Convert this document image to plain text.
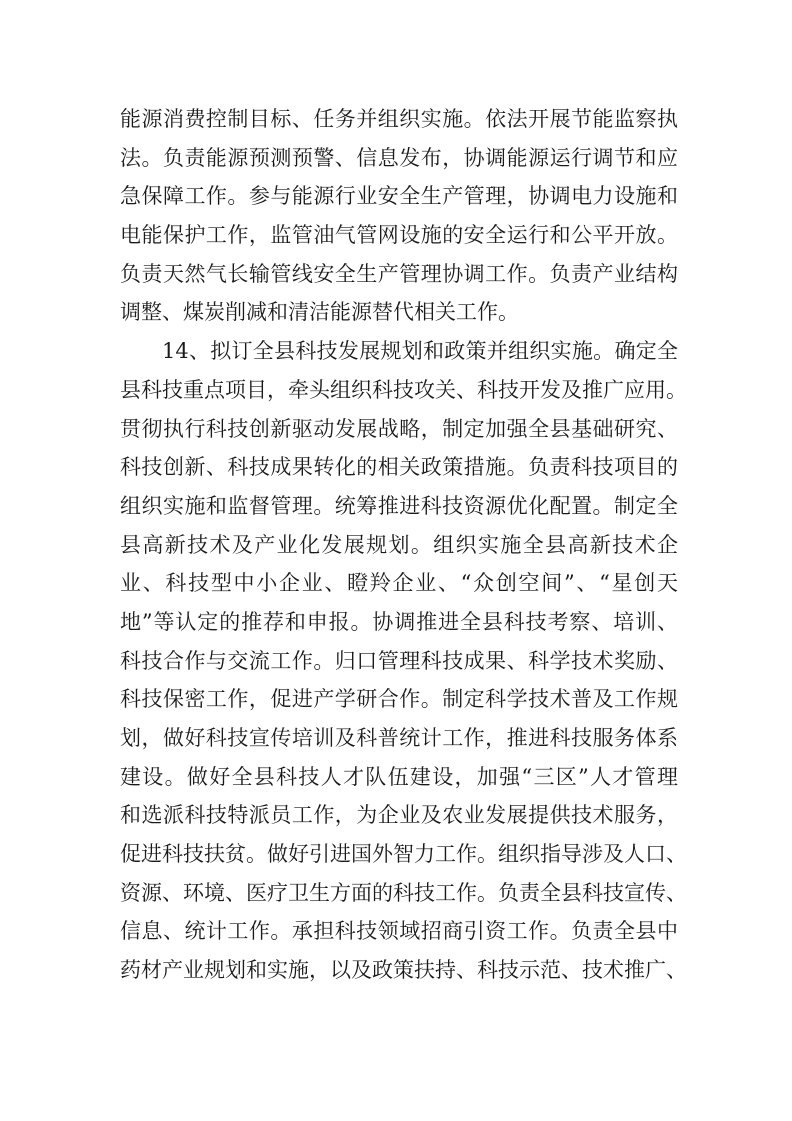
能源消费控制目标、任务并组织实施。依法开展节能监察执
法。负责能源预测预警、信息发布，协调能源运行调节和应
急保障工作。参与能源行业安全生产管理，协调电力设施和
电能保护工作，监管油气管网设施的安全运行和公平开放。
负责天然气长输管线安全生产管理协调工作。负责产业结构
调整、煤炭削减和清洁能源替代相关工作。
14、拟订全县科技发展规划和政策并组织实施。确定全
县科技重点项目，牵头组织科技攻关、科技开发及推广应用。
贯彻执行科技创新驱动发展战略，制定加强全县基础研究、
科技创新、科技成果转化的相关政策措施。负责科技项目的
组织实施和监督管理。统筹推进科技资源优化配置。制定全
县高新技术及产业化发展规划。组织实施全县高新技术企
业、科技型中小企业、瞪羚企业、“众创空间”、“星创天
地”等认定的推荐和申报。协调推进全县科技考察、培训、
科技合作与交流工作。归口管理科技成果、科学技术奖励、
科技保密工作，促进产学研合作。制定科学技术普及工作规
划，做好科技宣传培训及科普统计工作，推进科技服务体系
建设。做好全县科技人才队伍建设，加强“三区”人才管理
和选派科技特派员工作，为企业及农业发展提供技术服务，
促进科技扶贫。做好引进国外智力工作。组织指导涉及人口、
资源、环境、医疗卫生方面的科技工作。负责全县科技宣传、
信息、统计工作。承担科技领域招商引资工作。负责全县中
药材产业规划和实施，以及政策扶持、科技示范、技术推广、
